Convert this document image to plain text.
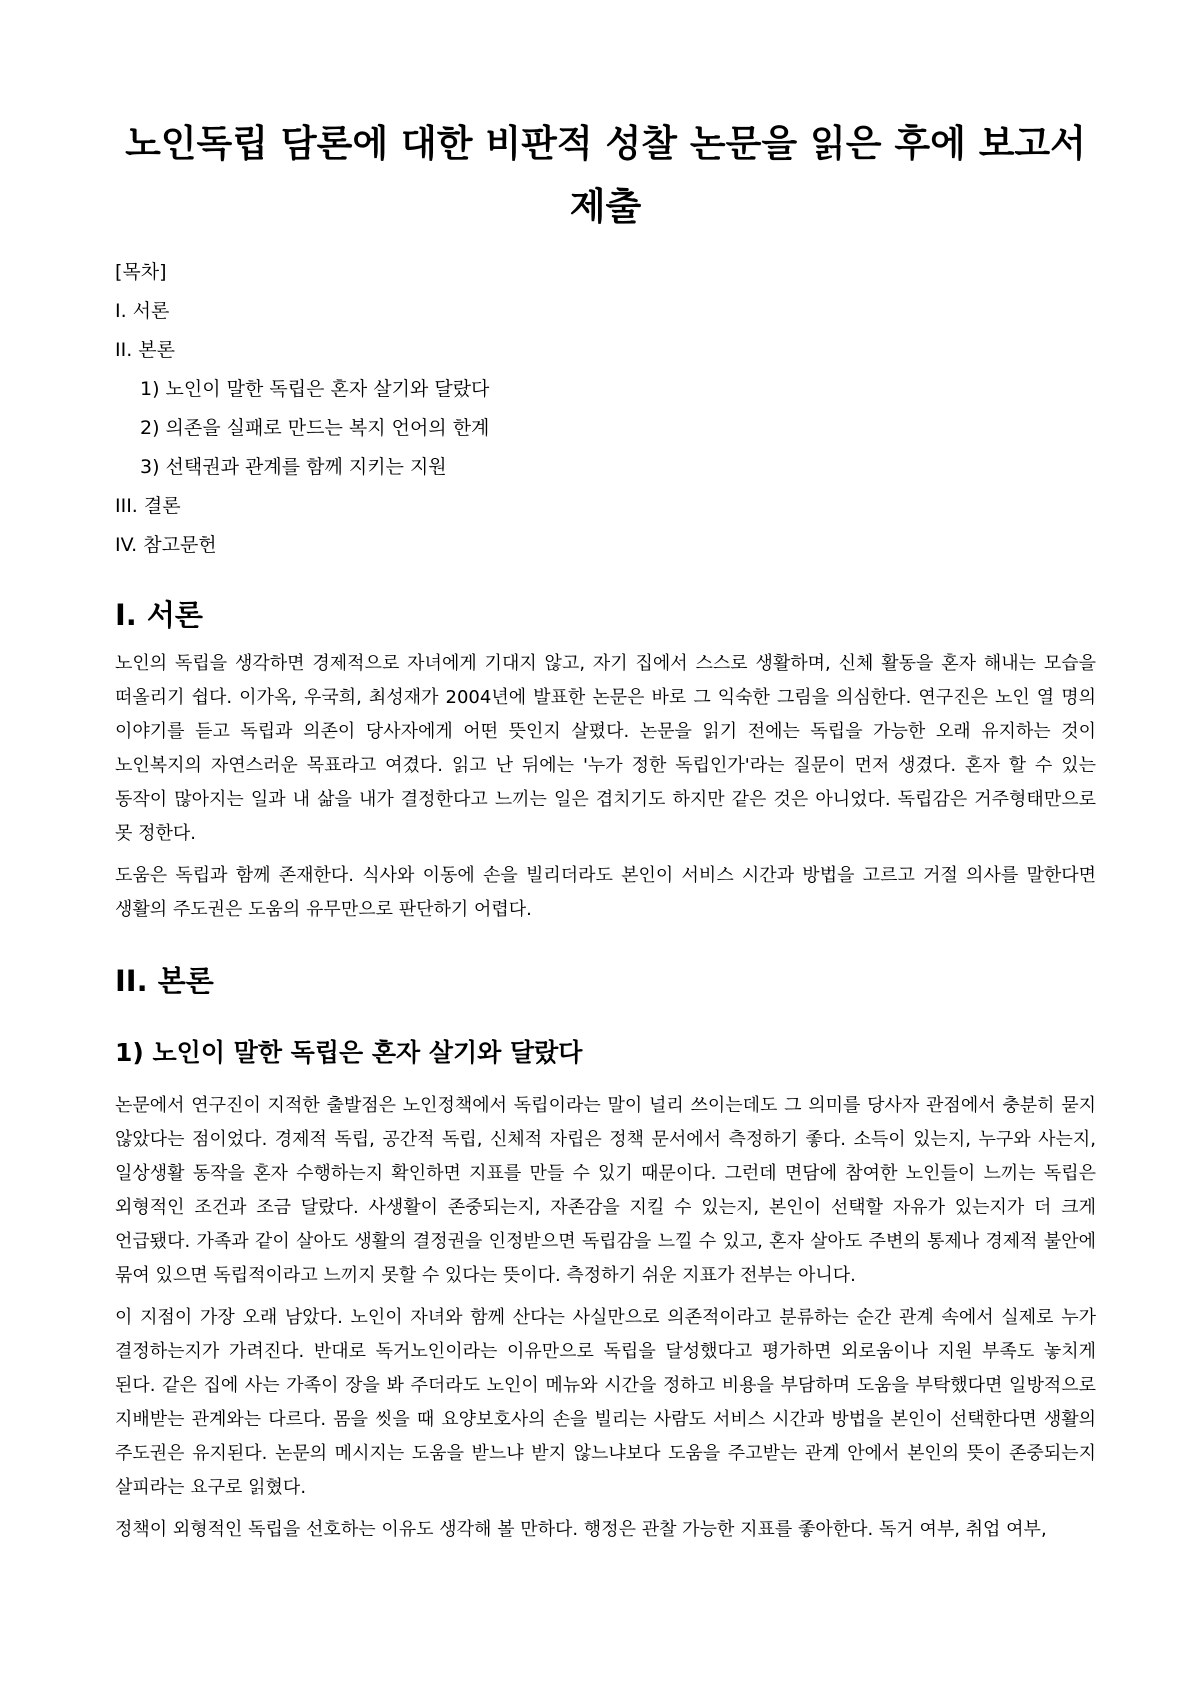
노인독립 담론에 대한 비판적 성찰 논문을 읽은 후에 보고서 제출
[목차]
I. 서론
II. 본론
1) 노인이 말한 독립은 혼자 살기와 달랐다
2) 의존을 실패로 만드는 복지 언어의 한계
3) 선택권과 관계를 함께 지키는 지원
III. 결론
IV. 참고문헌
I. 서론

노인의 독립을 생각하면 경제적으로 자녀에게 기대지 않고, 자기 집에서 스스로 생활하며, 신체 활동을 혼자 해내는 모습을 떠올리기 쉽다. 이가옥, 우국희, 최성재가 2004년에 발표한 논문은 바로 그 익숙한 그림을 의심한다. 연구진은 노인 열 명의 이야기를 듣고 독립과 의존이 당사자에게 어떤 뜻인지 살폈다. 논문을 읽기 전에는 독립을 가능한 오래 유지하는 것이 노인복지의 자연스러운 목표라고 여겼다. 읽고 난 뒤에는 '누가 정한 독립인가'라는 질문이 먼저 생겼다. 혼자 할 수 있는 동작이 많아지는 일과 내 삶을 내가 결정한다고 느끼는 일은 겹치기도 하지만 같은 것은 아니었다. 독립감은 거주형태만으로 못 정한다.

도움은 독립과 함께 존재한다. 식사와 이동에 손을 빌리더라도 본인이 서비스 시간과 방법을 고르고 거절 의사를 말한다면 생활의 주도권은 도움의 유무만으로 판단하기 어렵다.

II. 본론
1) 노인이 말한 독립은 혼자 살기와 달랐다

논문에서 연구진이 지적한 출발점은 노인정책에서 독립이라는 말이 널리 쓰이는데도 그 의미를 당사자 관점에서 충분히 묻지 않았다는 점이었다. 경제적 독립, 공간적 독립, 신체적 자립은 정책 문서에서 측정하기 좋다. 소득이 있는지, 누구와 사는지, 일상생활 동작을 혼자 수행하는지 확인하면 지표를 만들 수 있기 때문이다. 그런데 면담에 참여한 노인들이 느끼는 독립은 외형적인 조건과 조금 달랐다. 사생활이 존중되는지, 자존감을 지킬 수 있는지, 본인이 선택할 자유가 있는지가 더 크게 언급됐다. 가족과 같이 살아도 생활의 결정권을 인정받으면 독립감을 느낄 수 있고, 혼자 살아도 주변의 통제나 경제적 불안에 묶여 있으면 독립적이라고 느끼지 못할 수 있다는 뜻이다. 측정하기 쉬운 지표가 전부는 아니다.

이 지점이 가장 오래 남았다. 노인이 자녀와 함께 산다는 사실만으로 의존적이라고 분류하는 순간 관계 속에서 실제로 누가 결정하는지가 가려진다. 반대로 독거노인이라는 이유만으로 독립을 달성했다고 평가하면 외로움이나 지원 부족도 놓치게 된다. 같은 집에 사는 가족이 장을 봐 주더라도 노인이 메뉴와 시간을 정하고 비용을 부담하며 도움을 부탁했다면 일방적으로 지배받는 관계와는 다르다. 몸을 씻을 때 요양보호사의 손을 빌리는 사람도 서비스 시간과 방법을 본인이 선택한다면 생활의 주도권은 유지된다. 논문의 메시지는 도움을 받느냐 받지 않느냐보다 도움을 주고받는 관계 안에서 본인의 뜻이 존중되는지 살피라는 요구로 읽혔다.

정책이 외형적인 독립을 선호하는 이유도 생각해 볼 만하다. 행정은 관찰 가능한 지표를 좋아한다. 독거 여부, 취업 여부,
